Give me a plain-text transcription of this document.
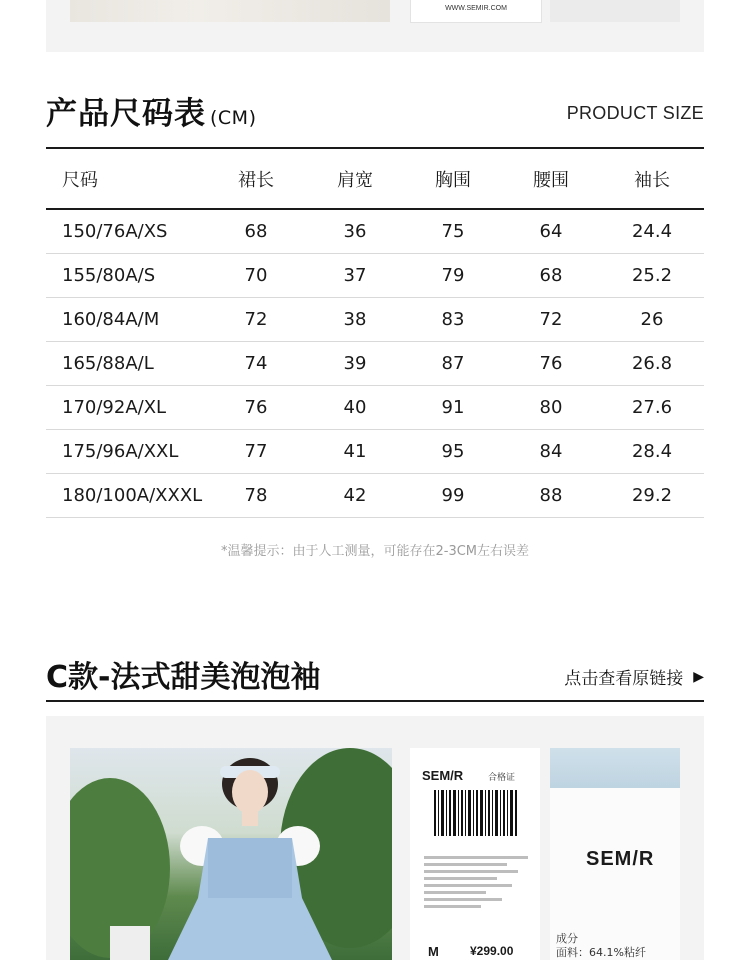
WWW.SEMIR.COM
产品尺码表 (CM)	PRODUCT SIZE
尺码	裙长	肩宽	胸围	腰围	袖长
150/76A/XS	68	36	75	64	24.4
155/80A/S	70	37	79	68	25.2
160/84A/M	72	38	83	72	26
165/88A/L	74	39	87	76	26.8
170/92A/XL	76	40	91	80	27.6
175/96A/XXL	77	41	95	84	28.4
180/100A/XXXL 78	42	99	88	29.2
*温馨提示：由于人工测量，可能存在2-3CM左右误差
C款-法式甜美泡泡袖	点击查看原链接 ▶
SEM/R	合格证
M	¥299.00
SEM/R
成分
面料：64.1%粘纤
